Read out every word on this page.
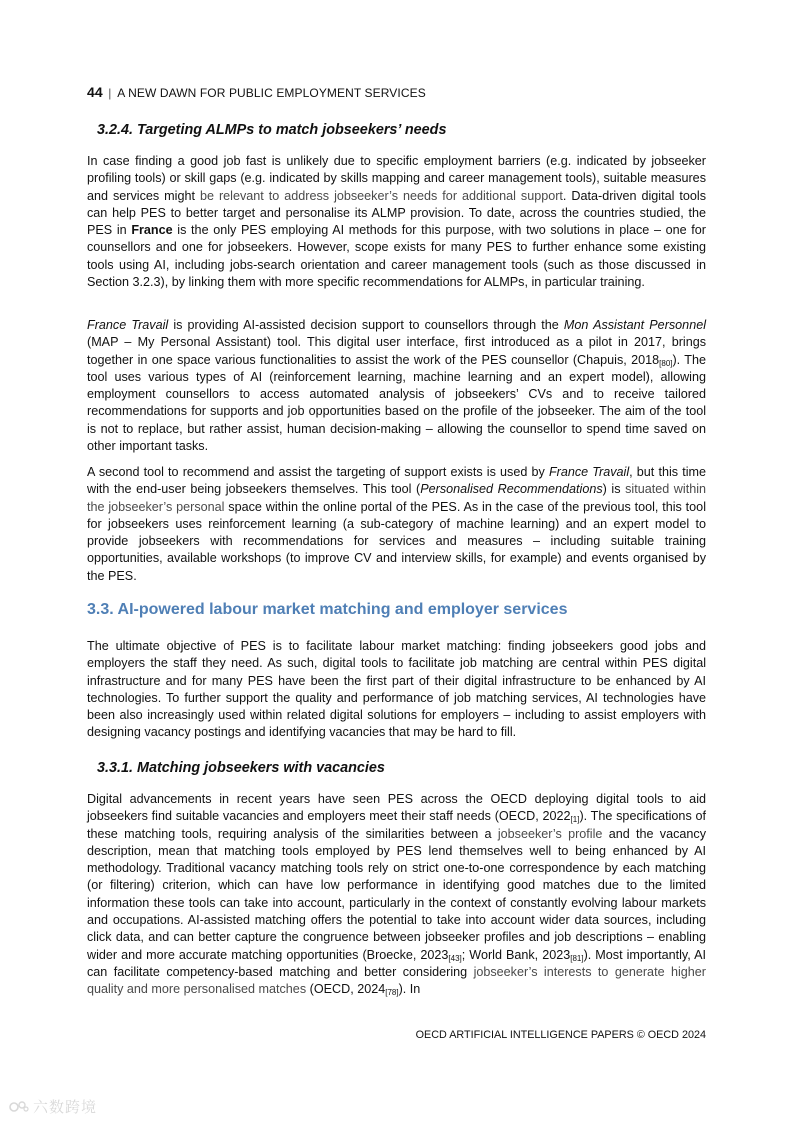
44 | A NEW DAWN FOR PUBLIC EMPLOYMENT SERVICES
3.2.4. Targeting ALMPs to match jobseekers’ needs

In case finding a good job fast is unlikely due to specific employment barriers (e.g. indicated by jobseeker profiling tools) or skill gaps (e.g. indicated by skills mapping and career management tools), suitable measures and services might be relevant to address jobseeker’s needs for additional support. Data-driven digital tools can help PES to better target and personalise its ALMP provision. To date, across the countries studied, the PES in France is the only PES employing AI methods for this purpose, with two solutions in place – one for counsellors and one for jobseekers. However, scope exists for many PES to further enhance some existing tools using AI, including jobs-search orientation and career management tools (such as those discussed in Section 3.2.3), by linking them with more specific recommendations for ALMPs, in particular training.

France Travail is providing AI-assisted decision support to counsellors through the Mon Assistant Personnel (MAP – My Personal Assistant) tool. This digital user interface, first introduced as a pilot in 2017, brings together in one space various functionalities to assist the work of the PES counsellor (Chapuis, $2018_{[80]}$). The tool uses various types of AI (reinforcement learning, machine learning and an expert model), allowing employment counsellors to access automated analysis of jobseekers’ CVs and to receive tailored recommendations for supports and job opportunities based on the profile of the jobseeker. The aim of the tool is not to replace, but rather assist, human decision-making – allowing the counsellor to spend time saved on other important tasks.

A second tool to recommend and assist the targeting of support exists is used by France Travail, but this time with the end-user being jobseekers themselves. This tool (Personalised Recommendations) is situated within the jobseeker’s personal space within the online portal of the PES. As in the case of the previous tool, this tool for jobseekers uses reinforcement learning (a sub-category of machine learning) and an expert model to provide jobseekers with recommendations for services and measures – including suitable training opportunities, available workshops (to improve CV and interview skills, for example) and events organised by the PES.

3.3. AI-powered labour market matching and employer services

The ultimate objective of PES is to facilitate labour market matching: finding jobseekers good jobs and employers the staff they need. As such, digital tools to facilitate job matching are central within PES digital infrastructure and for many PES have been the first part of their digital infrastructure to be enhanced by AI technologies. To further support the quality and performance of job matching services, AI technologies have been also increasingly used within related digital solutions for employers – including to assist employers with designing vacancy postings and identifying vacancies that may be hard to fill.

3.3.1. Matching jobseekers with vacancies

Digital advancements in recent years have seen PES across the OECD deploying digital tools to aid jobseekers find suitable vacancies and employers meet their staff needs (OECD, $2022_{[1]}$). The specifications of these matching tools, requiring analysis of the similarities between a jobseeker’s profile and the vacancy description, mean that matching tools employed by PES lend themselves well to being enhanced by AI methodology. Traditional vacancy matching tools rely on strict one-to-one correspondence by each matching (or filtering) criterion, which can have low performance in identifying good matches due to the limited information these tools can take into account, particularly in the context of constantly evolving labour markets and occupations. AI-assisted matching offers the potential to take into account wider data sources, including click data, and can better capture the congruence between jobseeker profiles and job descriptions – enabling wider and more accurate matching opportunities (Broecke, $2023_{[43]}$; World Bank, $2023_{[81]}$). Most importantly, AI can facilitate competency-based matching and better considering jobseeker’s interests to generate higher quality and more personalised matches (OECD, $2024_{[78]}$). In

OECD ARTIFICIAL INTELLIGENCE PAPERS © OECD 2024
六数跨境
